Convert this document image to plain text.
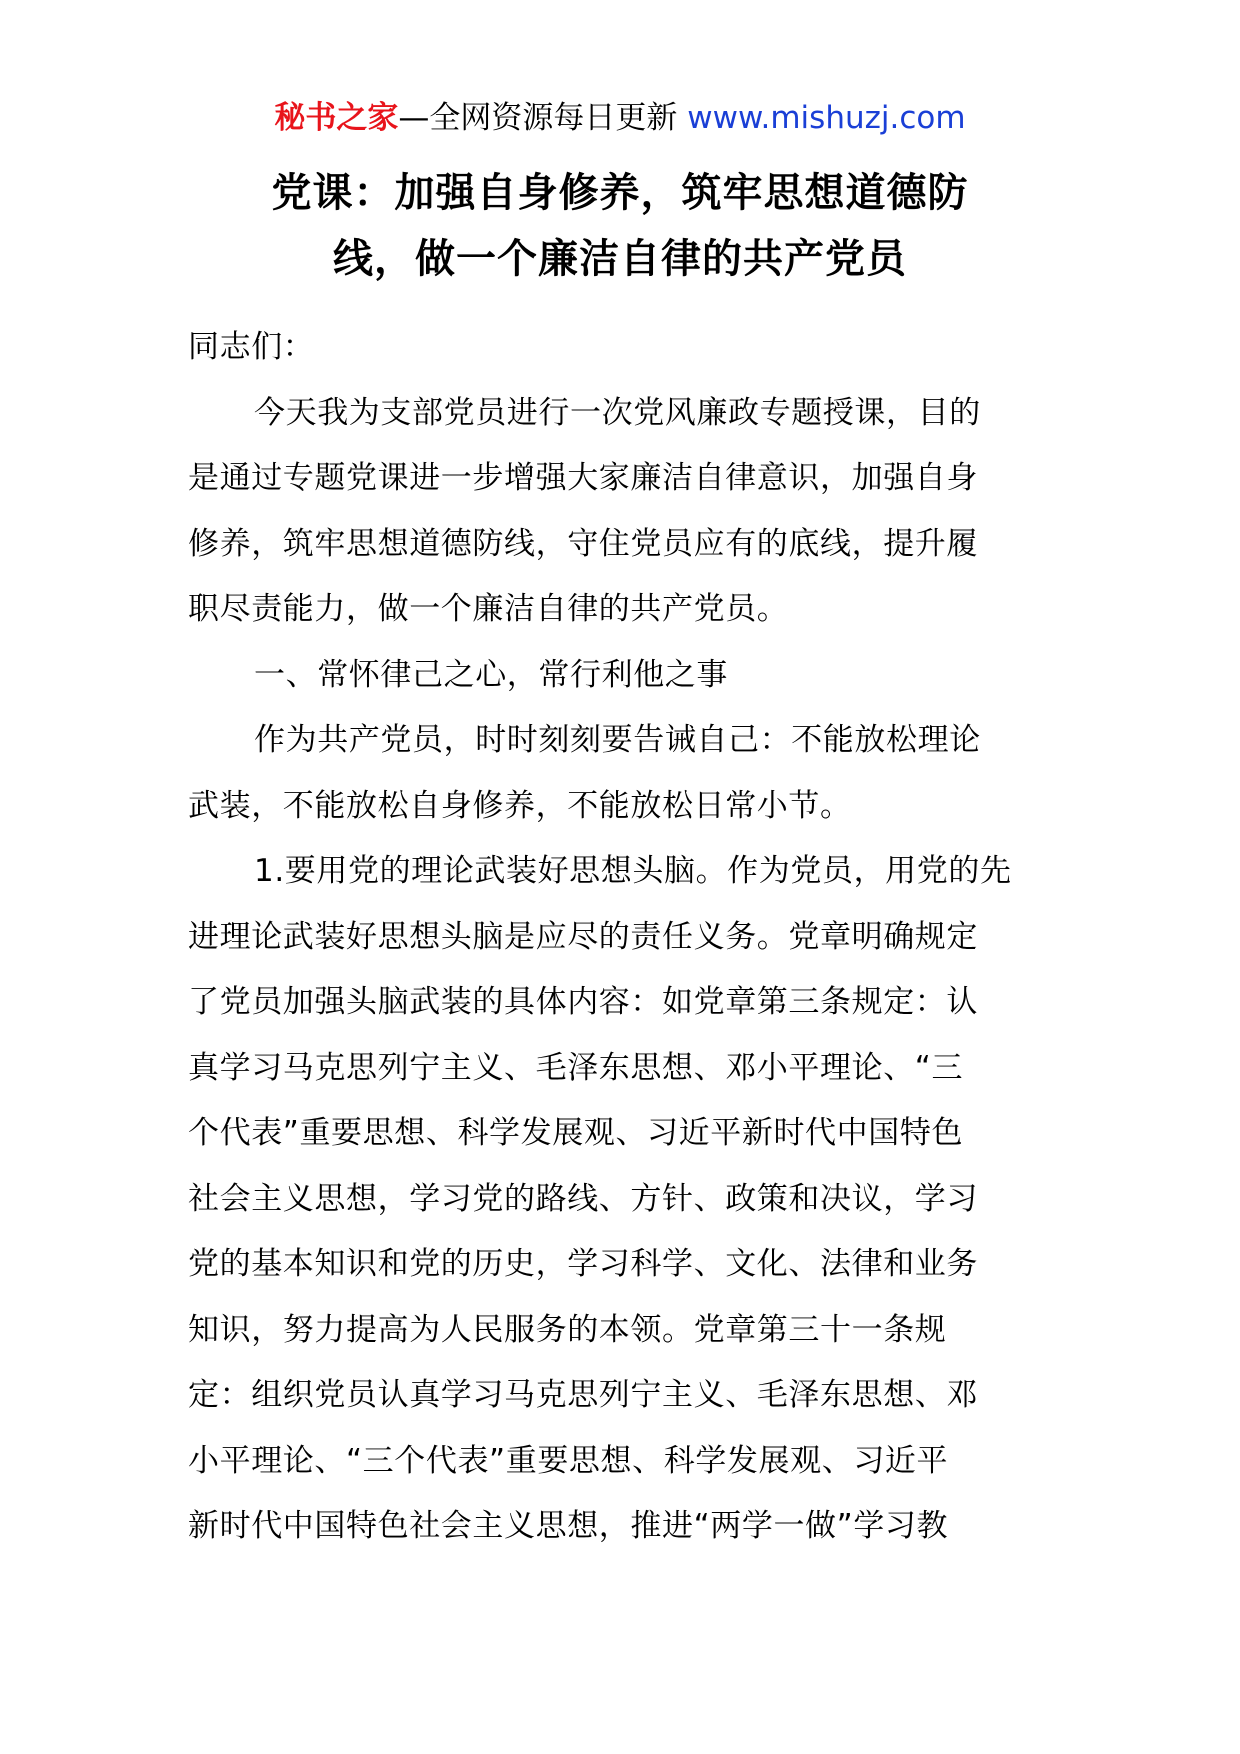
秘书之家—全网资源每日更新 www.mishuzj.com
党课：加强自身修养，筑牢思想道德防
线，做一个廉洁自律的共产党员
同志们：
今天我为支部党员进行一次党风廉政专题授课，目的
是通过专题党课进一步增强大家廉洁自律意识，加强自身
修养，筑牢思想道德防线，守住党员应有的底线，提升履
职尽责能力，做一个廉洁自律的共产党员。
一、常怀律己之心，常行利他之事
作为共产党员，时时刻刻要告诫自己：不能放松理论
武装，不能放松自身修养，不能放松日常小节。
1.要用党的理论武装好思想头脑。作为党员，用党的先
进理论武装好思想头脑是应尽的责任义务。党章明确规定
了党员加强头脑武装的具体内容：如党章第三条规定：认
真学习马克思列宁主义、毛泽东思想、邓小平理论、“三
个代表”重要思想、科学发展观、习近平新时代中国特色
社会主义思想，学习党的路线、方针、政策和决议，学习
党的基本知识和党的历史，学习科学、文化、法律和业务
知识，努力提高为人民服务的本领。党章第三十一条规
定：组织党员认真学习马克思列宁主义、毛泽东思想、邓
小平理论、“三个代表”重要思想、科学发展观、习近平
新时代中国特色社会主义思想，推进“两学一做”学习教
